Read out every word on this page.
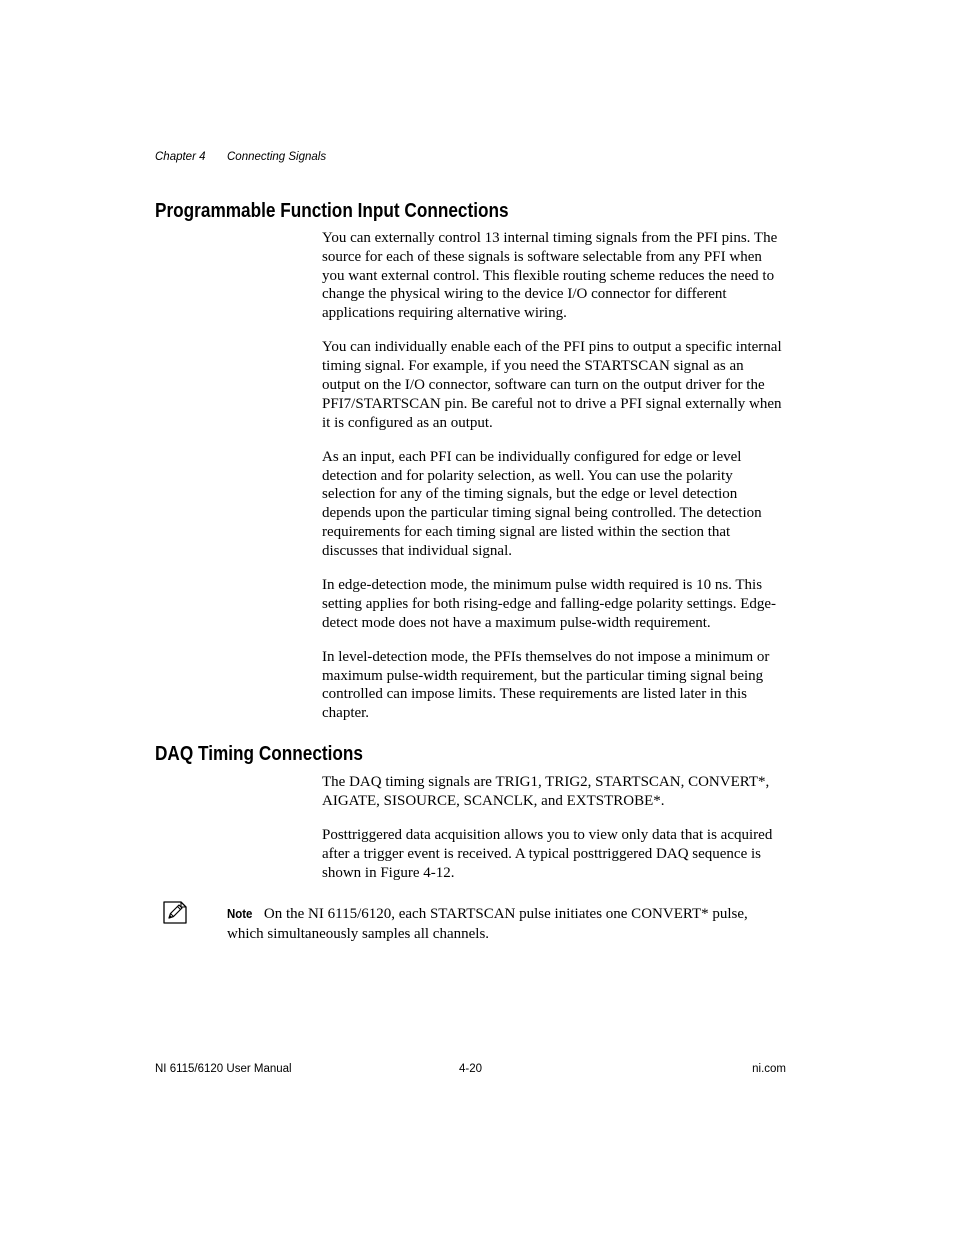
Chapter 4 Connecting Signals
Programmable Function Input Connections

You can externally control 13 internal timing signals from the PFI pins. The source for each of these signals is software selectable from any PFI when you want external control. This flexible routing scheme reduces the need to change the physical wiring to the device I/O connector for different applications requiring alternative wiring.

You can individually enable each of the PFI pins to output a specific internal timing signal. For example, if you need the STARTSCAN signal as an output on the I/O connector, software can turn on the output driver for the PFI7/STARTSCAN pin. Be careful not to drive a PFI signal externally when it is configured as an output.

As an input, each PFI can be individually configured for edge or level detection and for polarity selection, as well. You can use the polarity selection for any of the timing signals, but the edge or level detection depends upon the particular timing signal being controlled. The detection requirements for each timing signal are listed within the section that discusses that individual signal.

In edge-detection mode, the minimum pulse width required is 10 ns. This setting applies for both rising-edge and falling-edge polarity settings. Edge-detect mode does not have a maximum pulse-width requirement.

In level-detection mode, the PFIs themselves do not impose a minimum or maximum pulse-width requirement, but the particular timing signal being controlled can impose limits. These requirements are listed later in this chapter.

DAQ Timing Connections

The DAQ timing signals are TRIG1, TRIG2, STARTSCAN, CONVERT*, AIGATE, SISOURCE, SCANCLK, and EXTSTROBE*.

Posttriggered data acquisition allows you to view only data that is acquired after a trigger event is received. A typical posttriggered DAQ sequence is shown in Figure 4-12.

Note On the NI 6115/6120, each STARTSCAN pulse initiates one CONVERT* pulse, which simultaneously samples all channels.
NI 6115/6120 User Manual	4-20	ni.com
